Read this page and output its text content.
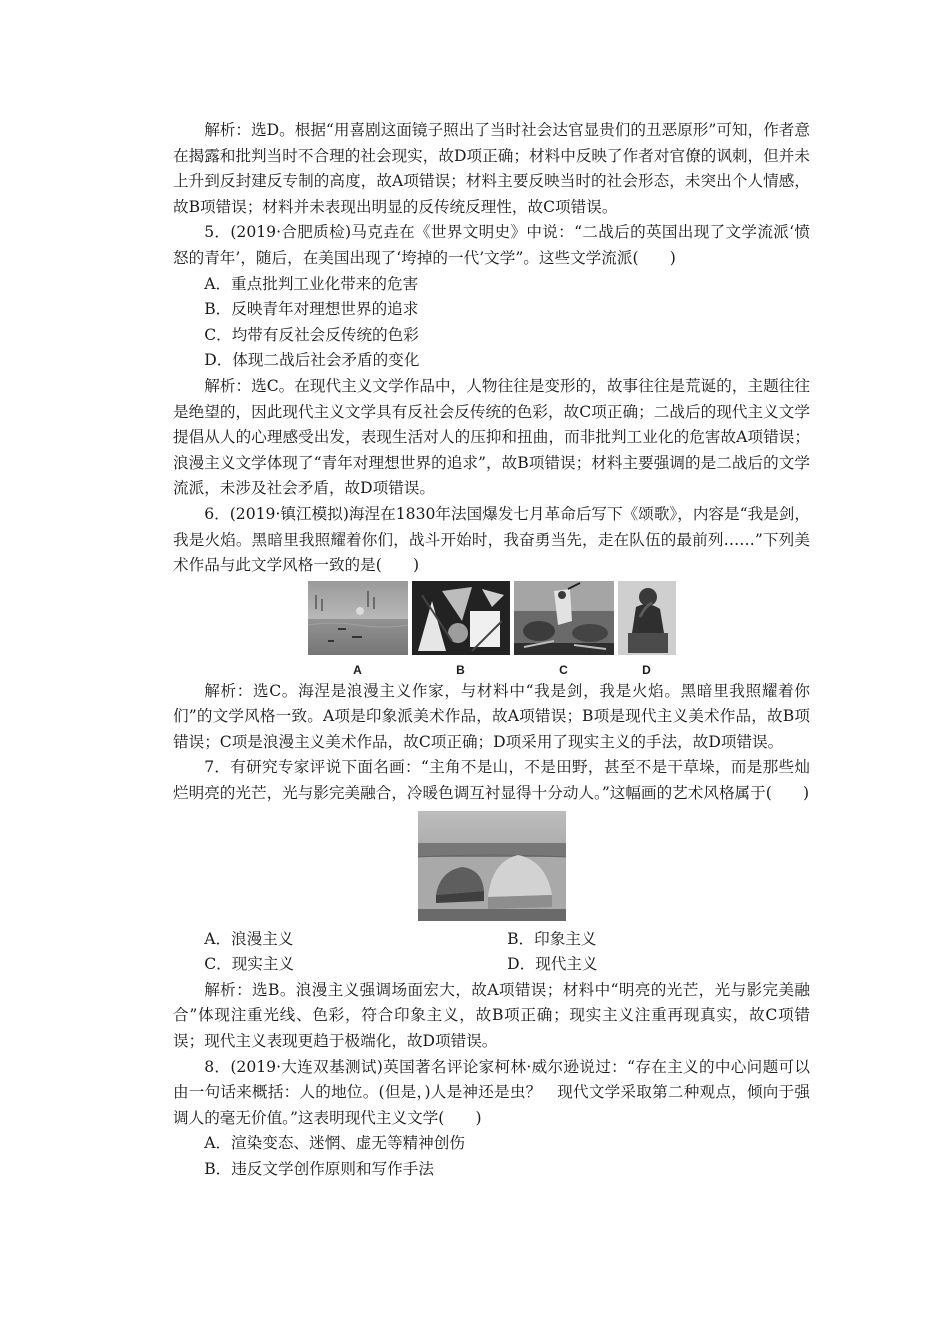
解析：选D。根据“用喜剧这面镜子照出了当时社会达官显贵们的丑恶原形”可知，作者意在揭露和批判当时不合理的社会现实，故D项正确；材料中反映了作者对官僚的讽刺，但并未上升到反封建反专制的高度，故A项错误；材料主要反映当时的社会形态，未突出个人情感，故B项错误；材料并未表现出明显的反传统反理性，故C项错误。

5．(2019·合肥质检)马克垚在《世界文明史》中说：“二战后的英国出现了文学流派‘愤怒的青年’，随后，在美国出现了‘垮掉的一代’文学”。这些文学流派(　　)

A．重点批判工业化带来的危害

B．反映青年对理想世界的追求

C．均带有反社会反传统的色彩

D．体现二战后社会矛盾的变化

解析：选C。在现代主义文学作品中，人物往往是变形的，故事往往是荒诞的，主题往往是绝望的，因此现代主义文学具有反社会反传统的色彩，故C项正确；二战后的现代主义文学提倡从人的心理感受出发，表现生活对人的压抑和扭曲，而非批判工业化的危害故A项错误；浪漫主义文学体现了“青年对理想世界的追求”，故B项错误；材料主要强调的是二战后的文学流派，未涉及社会矛盾，故D项错误。

6．(2019·镇江模拟)海涅在1830年法国爆发七月革命后写下《颂歌》，内容是“我是剑，我是火焰。黑暗里我照耀着你们，战斗开始时，我奋勇当先，走在队伍的最前列……”下列美术作品与此文学风格一致的是(　　)

A	B	C	D

解析：选C。海涅是浪漫主义作家，与材料中“我是剑，我是火焰。黑暗里我照耀着你们”的文学风格一致。A项是印象派美术作品，故A项错误；B项是现代主义美术作品，故B项错误；C项是浪漫主义美术作品，故C项正确；D项采用了现实主义的手法，故D项错误。

7．有研究专家评说下面名画：“主角不是山，不是田野，甚至不是干草垛，而是那些灿烂明亮的光芒，光与影完美融合，冷暖色调互衬显得十分动人。”这幅画的艺术风格属于(　　)

A．浪漫主义	B．印象主义
C．现实主义	D．现代主义

解析：选B。浪漫主义强调场面宏大，故A项错误；材料中“明亮的光芒，光与影完美融合”体现注重光线、色彩，符合印象主义，故B项正确；现实主义注重再现真实，故C项错误；现代主义表现更趋于极端化，故D项错误。

8．(2019·大连双基测试)英国著名评论家柯林·威尔逊说过：“存在主义的中心问题可以由一句话来概括：人的地位。(但是，)人是神还是虫？　现代文学采取第二种观点，倾向于强调人的毫无价值。”这表明现代主义文学(　　)

A．渲染变态、迷惘、虚无等精神创伤

B．违反文学创作原则和写作手法
